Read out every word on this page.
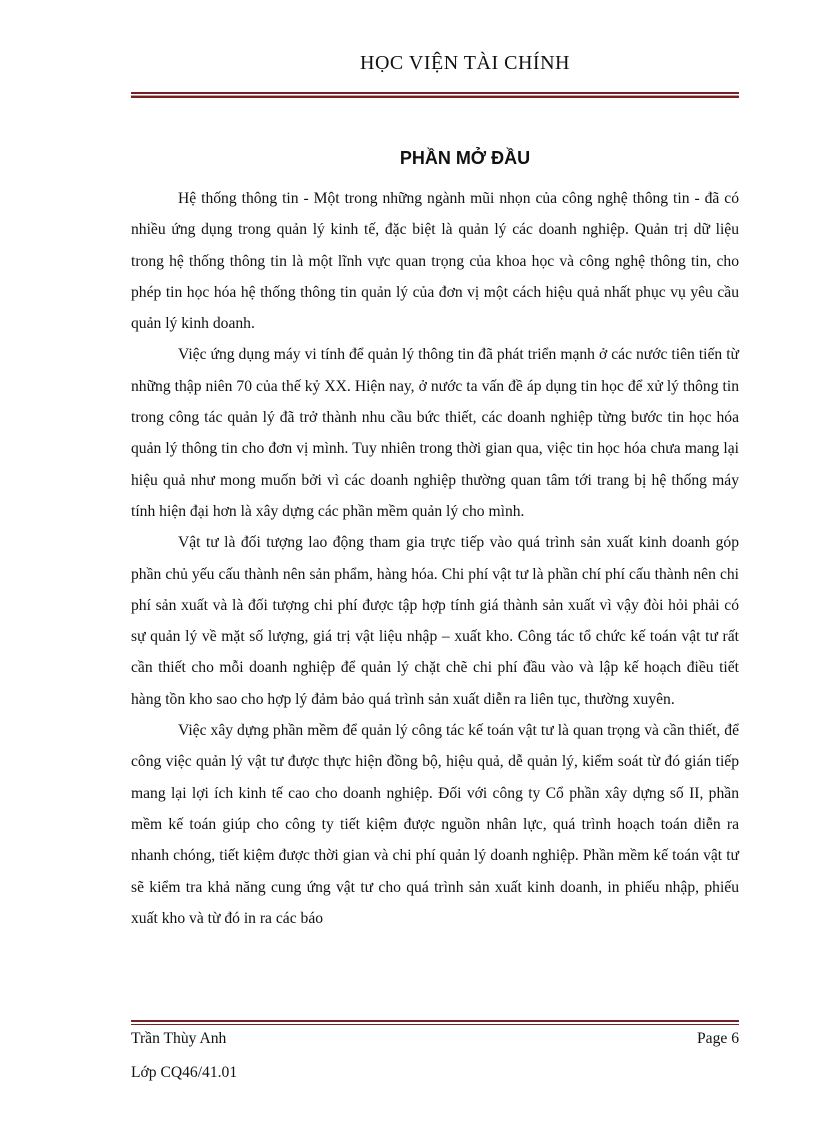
HỌC VIỆN TÀI CHÍNH
PHẦN MỞ ĐẦU

Hệ thống thông tin - Một trong những ngành mũi nhọn của công nghệ thông tin - đã có nhiều ứng dụng trong quản lý kinh tế, đặc biệt là quản lý các doanh nghiệp. Quản trị dữ liệu trong hệ thống thông tin là một lĩnh vực quan trọng của khoa học và công nghệ thông tin, cho phép tin học hóa hệ thống thông tin quản lý của đơn vị một cách hiệu quả nhất phục vụ yêu cầu quản lý kinh doanh.

Việc ứng dụng máy vi tính để quản lý thông tin đã phát triển mạnh ở các nước tiên tiến từ những thập niên 70 của thế kỷ XX. Hiện nay, ở nước ta vấn đề áp dụng tin học để xử lý thông tin trong công tác quản lý đã trở thành nhu cầu bức thiết, các doanh nghiệp từng bước tin học hóa quản lý thông tin cho đơn vị mình. Tuy nhiên trong thời gian qua, việc tin học hóa chưa mang lại hiệu quả như mong muốn bởi vì các doanh nghiệp thường quan tâm tới trang bị hệ thống máy tính hiện đại hơn là xây dựng các phần mềm quản lý cho mình.

Vật tư là đối tượng lao động tham gia trực tiếp vào quá trình sản xuất kinh doanh góp phần chủ yếu cấu thành nên sản phẩm, hàng hóa. Chi phí vật tư là phần chí phí cấu thành nên chi phí sản xuất và là đối tượng chi phí được tập hợp tính giá thành sản xuất vì vậy đòi hỏi phải có sự quản lý về mặt số lượng, giá trị vật liệu nhập – xuất kho. Công tác tổ chức kế toán vật tư rất cần thiết cho mỗi doanh nghiệp để quản lý chặt chẽ chi phí đầu vào và lập kế hoạch điều tiết hàng tồn kho sao cho hợp lý đảm bảo quá trình sản xuất diễn ra liên tục, thường xuyên.

Việc xây dựng phần mềm để quản lý công tác kế toán vật tư là quan trọng và cần thiết, để công việc quản lý vật tư được thực hiện đồng bộ, hiệu quả, dễ quản lý, kiểm soát từ đó gián tiếp mang lại lợi ích kinh tế cao cho doanh nghiệp. Đối với công ty Cổ phần xây dựng số II, phần mềm kế toán giúp cho công ty tiết kiệm được nguồn nhân lực, quá trình hoạch toán diễn ra nhanh chóng, tiết kiệm được thời gian và chi phí quản lý doanh nghiệp. Phần mềm kế toán vật tư sẽ kiểm tra khả năng cung ứng vật tư cho quá trình sản xuất kinh doanh, in phiếu nhập, phiếu xuất kho và từ đó in ra các báo

Trần Thùy Anh	Page 6
Lớp CQ46/41.01
